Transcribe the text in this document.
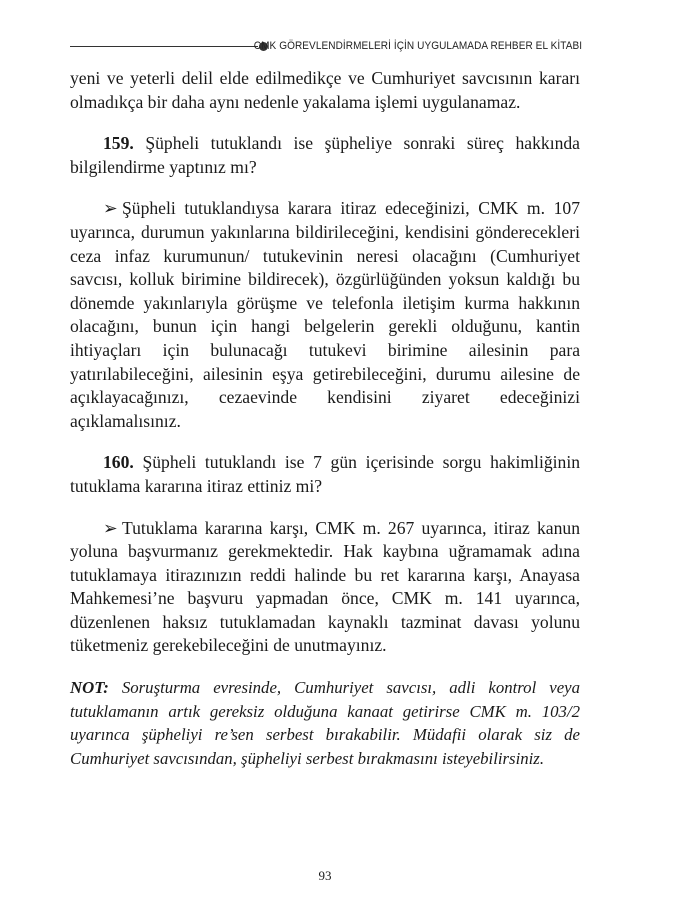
CMK GÖREVLENDİRMELERİ İÇİN UYGULAMADA REHBER EL KİTABI

yeni ve yeterli delil elde edilmedikçe ve Cumhuriyet savcısının kararı olmadıkça bir daha aynı nedenle yakalama işlemi uygulanamaz.

159. Şüpheli tutuklandı ise şüpheliye sonraki süreç hakkında bilgilendirme yaptınız mı?

➢ Şüpheli tutuklandıysa karara itiraz edeceğinizi, CMK m. 107 uyarınca, durumun yakınlarına bildirileceğini, kendisini gönderecekleri ceza infaz kurumunun/ tutukevinin neresi olacağını (Cumhuriyet savcısı, kolluk birimine bildirecek), özgürlüğünden yoksun kaldığı bu dönemde yakınlarıyla görüşme ve telefonla iletişim kurma hakkının olacağını, bunun için hangi belgelerin gerekli olduğunu, kantin ihtiyaçları için bulunacağı tutukevi birimine ailesinin para yatırılabileceğini, ailesinin eşya getirebileceğini, durumu ailesine de açıklayacağınızı, cezaevinde kendisini ziyaret edeceğinizi açıklamalısınız.

160. Şüpheli tutuklandı ise 7 gün içerisinde sorgu hakimliğinin tutuklama kararına itiraz ettiniz mi?

➢ Tutuklama kararına karşı, CMK m. 267 uyarınca, itiraz kanun yoluna başvurmanız gerekmektedir. Hak kaybına uğramamak adına tutuklamaya itirazınızın reddi halinde bu ret kararına karşı, Anayasa Mahkemesi’ne başvuru yapmadan önce, CMK m. 141 uyarınca, düzenlenen haksız tutuklamadan kaynaklı tazminat davası yolunu tüketmeniz gerekebileceğini de unutmayınız.

NOT: Soruşturma evresinde, Cumhuriyet savcısı, adli kontrol veya tutuklamanın artık gereksiz olduğuna kanaat getirirse CMK m. 103/2 uyarınca şüpheliyi re’sen serbest bırakabilir. Müdafii olarak siz de Cumhuriyet savcısından, şüpheliyi serbest bırakmasını isteyebilirsiniz.

93
